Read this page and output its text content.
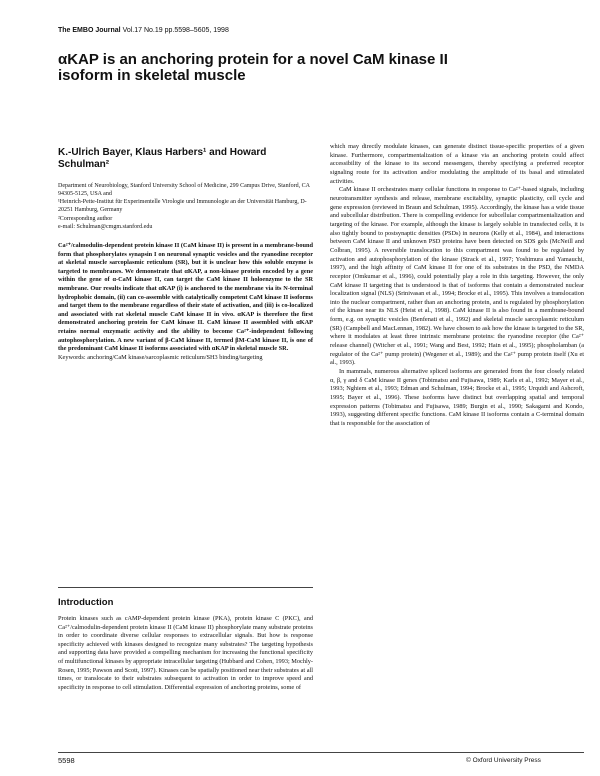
The EMBO Journal Vol.17 No.19 pp.5598–5605, 1998
αKAP is an anchoring protein for a novel CaM kinase II isoform in skeletal muscle
K.-Ulrich Bayer, Klaus Harbers¹ and Howard Schulman²
Department of Neurobiology, Stanford University School of Medicine, 299 Campus Drive, Stanford, CA 94305-5125, USA and
¹Heinrich-Pette-Institut für Experimentelle Virologie und Immunologie an der Universität Hamburg, D-20251 Hamburg, Germany
²Corresponding author
e-mail: Schulman@cmgm.stanford.edu
Ca²⁺/calmodulin-dependent protein kinase II (CaM kinase II) is present in a membrane-bound form that phosphorylates synapsin I on neuronal synaptic vesicles and the ryanodine receptor at skeletal muscle sarcoplasmic reticulum (SR), but it is unclear how this soluble enzyme is targeted to membranes. We demonstrate that αKAP, a non-kinase protein encoded by a gene within the gene of α-CaM kinase II, can target the CaM kinase II holoenzyme to the SR membrane. Our results indicate that αKAP (i) is anchored to the membrane via its N-terminal hydrophobic domain, (ii) can co-assemble with catalytically competent CaM kinase II isoforms and target them to the membrane regardless of their state of activation, and (iii) is co-localized and associated with rat skeletal muscle CaM kinase II in vivo. αKAP is therefore the first demonstrated anchoring protein for CaM kinase II. CaM kinase II assembled with αKAP retains normal enzymatic activity and the ability to become Ca²⁺-independent following autophosphorylation. A new variant of β-CaM kinase II, termed βM-CaM kinase II, is one of the predominant CaM kinase II isoforms associated with αKAP in skeletal muscle SR.
Keywords: anchoring/CaM kinase/sarcoplasmic reticulum/SH3 binding/targeting
Introduction
Protein kinases such as cAMP-dependent protein kinase (PKA), protein kinase C (PKC), and Ca²⁺/calmodulin-dependent protein kinase II (CaM kinase II) phosphorylate many substrate proteins in order to coordinate diverse cellular responses to extracellular signals. But how is response specificity achieved with kinases designed to recognize many substrates? The targeting hypothesis and supporting data have provided a compelling mechanism for increasing the functional specificity of multifunctional kinases by appropriate intracellular targeting (Hubbard and Cohen, 1993; Mochly-Rosen, 1995; Pawson and Scott, 1997). Kinases can be spatially positioned near their substrates at all times, or translocate to their substrates subsequent to activation in order to improve speed and specificity in response to cell stimulation. Differential expression of anchoring proteins, some of

which may directly modulate kinases, can generate distinct tissue-specific properties of a given kinase. Furthermore, compartmentalization of a kinase via an anchoring protein could affect accessibility of the kinase to its second messengers, thereby specifying a preferred receptor signaling route for its activation and/or modulating the amplitude of its basal and stimulated activities.

CaM kinase II orchestrates many cellular functions in response to Ca²⁺-based signals, including neurotransmitter synthesis and release, membrane excitability, synaptic plasticity, cell cycle and gene expression (reviewed in Braun and Schulman, 1995). Accordingly, the kinase has a wide tissue and subcellular distribution. There is compelling evidence for subcellular compartmentalization and targeting of the kinase. For example, although the kinase is largely soluble in transfected cells, it is also tightly bound to postsynaptic densities (PSDs) in neurons (Kelly et al., 1984), and interactions between CaM kinase II and unknown PSD proteins have been detected on SDS gels (McNeill and Colbran, 1995). A reversible translocation to this compartment was found to be regulated by activation and autophosphorylation of the kinase (Strack et al., 1997; Yoshimura and Yamauchi, 1997), and the high affinity of CaM kinase II for one of its substrates in the PSD, the NMDA receptor (Omkumar et al., 1996), could potentially play a role in this targeting. However, the only CaM kinase II targeting that is understood is that of isoforms that contain a demonstrated nuclear localization signal (NLS) (Srinivasan et al., 1994; Brocke et al., 1995). This involves a translocation into the nuclear compartment, rather than an anchoring protein, and is regulated by phosphorylation of the kinase near its NLS (Heist et al., 1998). CaM kinase II is also found in a membrane-bound form, e.g. on synaptic vesicles (Benfenati et al., 1992) and skeletal muscle sarcoplasmic reticulum (SR) (Campbell and MacLennan, 1982). We have chosen to ask how the kinase is targeted to the SR, where it modulates at least three intrinsic membrane proteins: the ryanodine receptor (the Ca²⁺ release channel) (Witcher et al., 1991; Wang and Best, 1992; Hain et al., 1995); phospholamban (a regulator of the Ca²⁺ pump protein) (Wegener et al., 1989); and the Ca²⁺ pump protein itself (Xu et al., 1993).

In mammals, numerous alternative spliced isoforms are generated from the four closely related α, β, γ and δ CaM kinase II genes (Tobimatsu and Fujisawa, 1989; Karls et al., 1992; Mayer et al., 1993; Nghiem et al., 1993; Edman and Schulman, 1994; Brocke et al., 1995; Urquidi and Ashcroft, 1995; Bayer et al., 1996). These isoforms have distinct but overlapping spatial and temporal expression patterns (Tobimatsu and Fujisawa, 1989; Burgin et al., 1990; Sakagami and Kondo, 1993), suggesting different specific functions. CaM kinase II isoforms contain a C-terminal domain that is responsible for the association of

5598	© Oxford University Press
